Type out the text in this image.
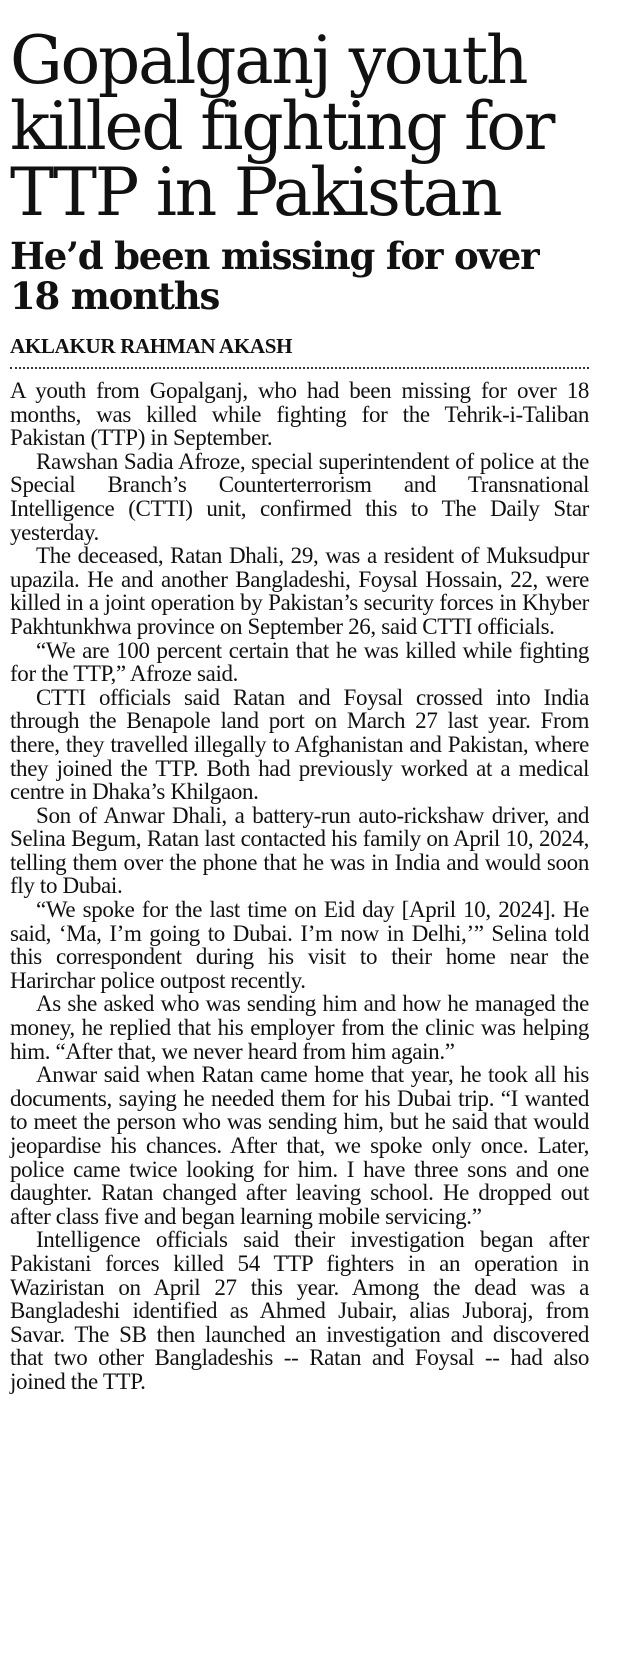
Gopalganj youth killed fighting for TTP in Pakistan
He’d been missing for over 18 months
AKLAKUR RAHMAN AKASH

A youth from Gopalganj, who had been missing for over 18 months, was killed while fighting for the Tehrik-i-Taliban Pakistan (TTP) in September.

Rawshan Sadia Afroze, special superintendent of police at the Special Branch’s Counterterrorism and Transnational Intelligence (CTTI) unit, confirmed this to The Daily Star yesterday.

The deceased, Ratan Dhali, 29, was a resident of Muksudpur upazila. He and another Bangladeshi, Foysal Hossain, 22, were killed in a joint operation by Pakistan’s security forces in Khyber Pakhtunkhwa province on September 26, said CTTI officials.

“We are 100 percent certain that he was killed while fighting for the TTP,” Afroze said.

CTTI officials said Ratan and Foysal crossed into India through the Benapole land port on March 27 last year. From there, they travelled illegally to Afghanistan and Pakistan, where they joined the TTP. Both had previously worked at a medical centre in Dhaka’s Khilgaon.

Son of Anwar Dhali, a battery-run auto-rickshaw driver, and Selina Begum, Ratan last contacted his family on April 10, 2024, telling them over the phone that he was in India and would soon fly to Dubai.

“We spoke for the last time on Eid day [April 10, 2024]. He said, ‘Ma, I’m going to Dubai. I’m now in Delhi,’” Selina told this correspondent during his visit to their home near the Harirchar police outpost recently.

As she asked who was sending him and how he managed the money, he replied that his employer from the clinic was helping him. “After that, we never heard from him again.”

Anwar said when Ratan came home that year, he took all his documents, saying he needed them for his Dubai trip. “I wanted to meet the person who was sending him, but he said that would jeopardise his chances. After that, we spoke only once. Later, police came twice looking for him. I have three sons and one daughter. Ratan changed after leaving school. He dropped out after class five and began learning mobile servicing.”

Intelligence officials said their investigation began after Pakistani forces killed 54 TTP fighters in an operation in Waziristan on April 27 this year. Among the dead was a Bangladeshi identified as Ahmed Jubair, alias Juboraj, from Savar. The SB then launched an investigation and discovered that two other Bangladeshis -- Ratan and Foysal -- had also joined the TTP.
